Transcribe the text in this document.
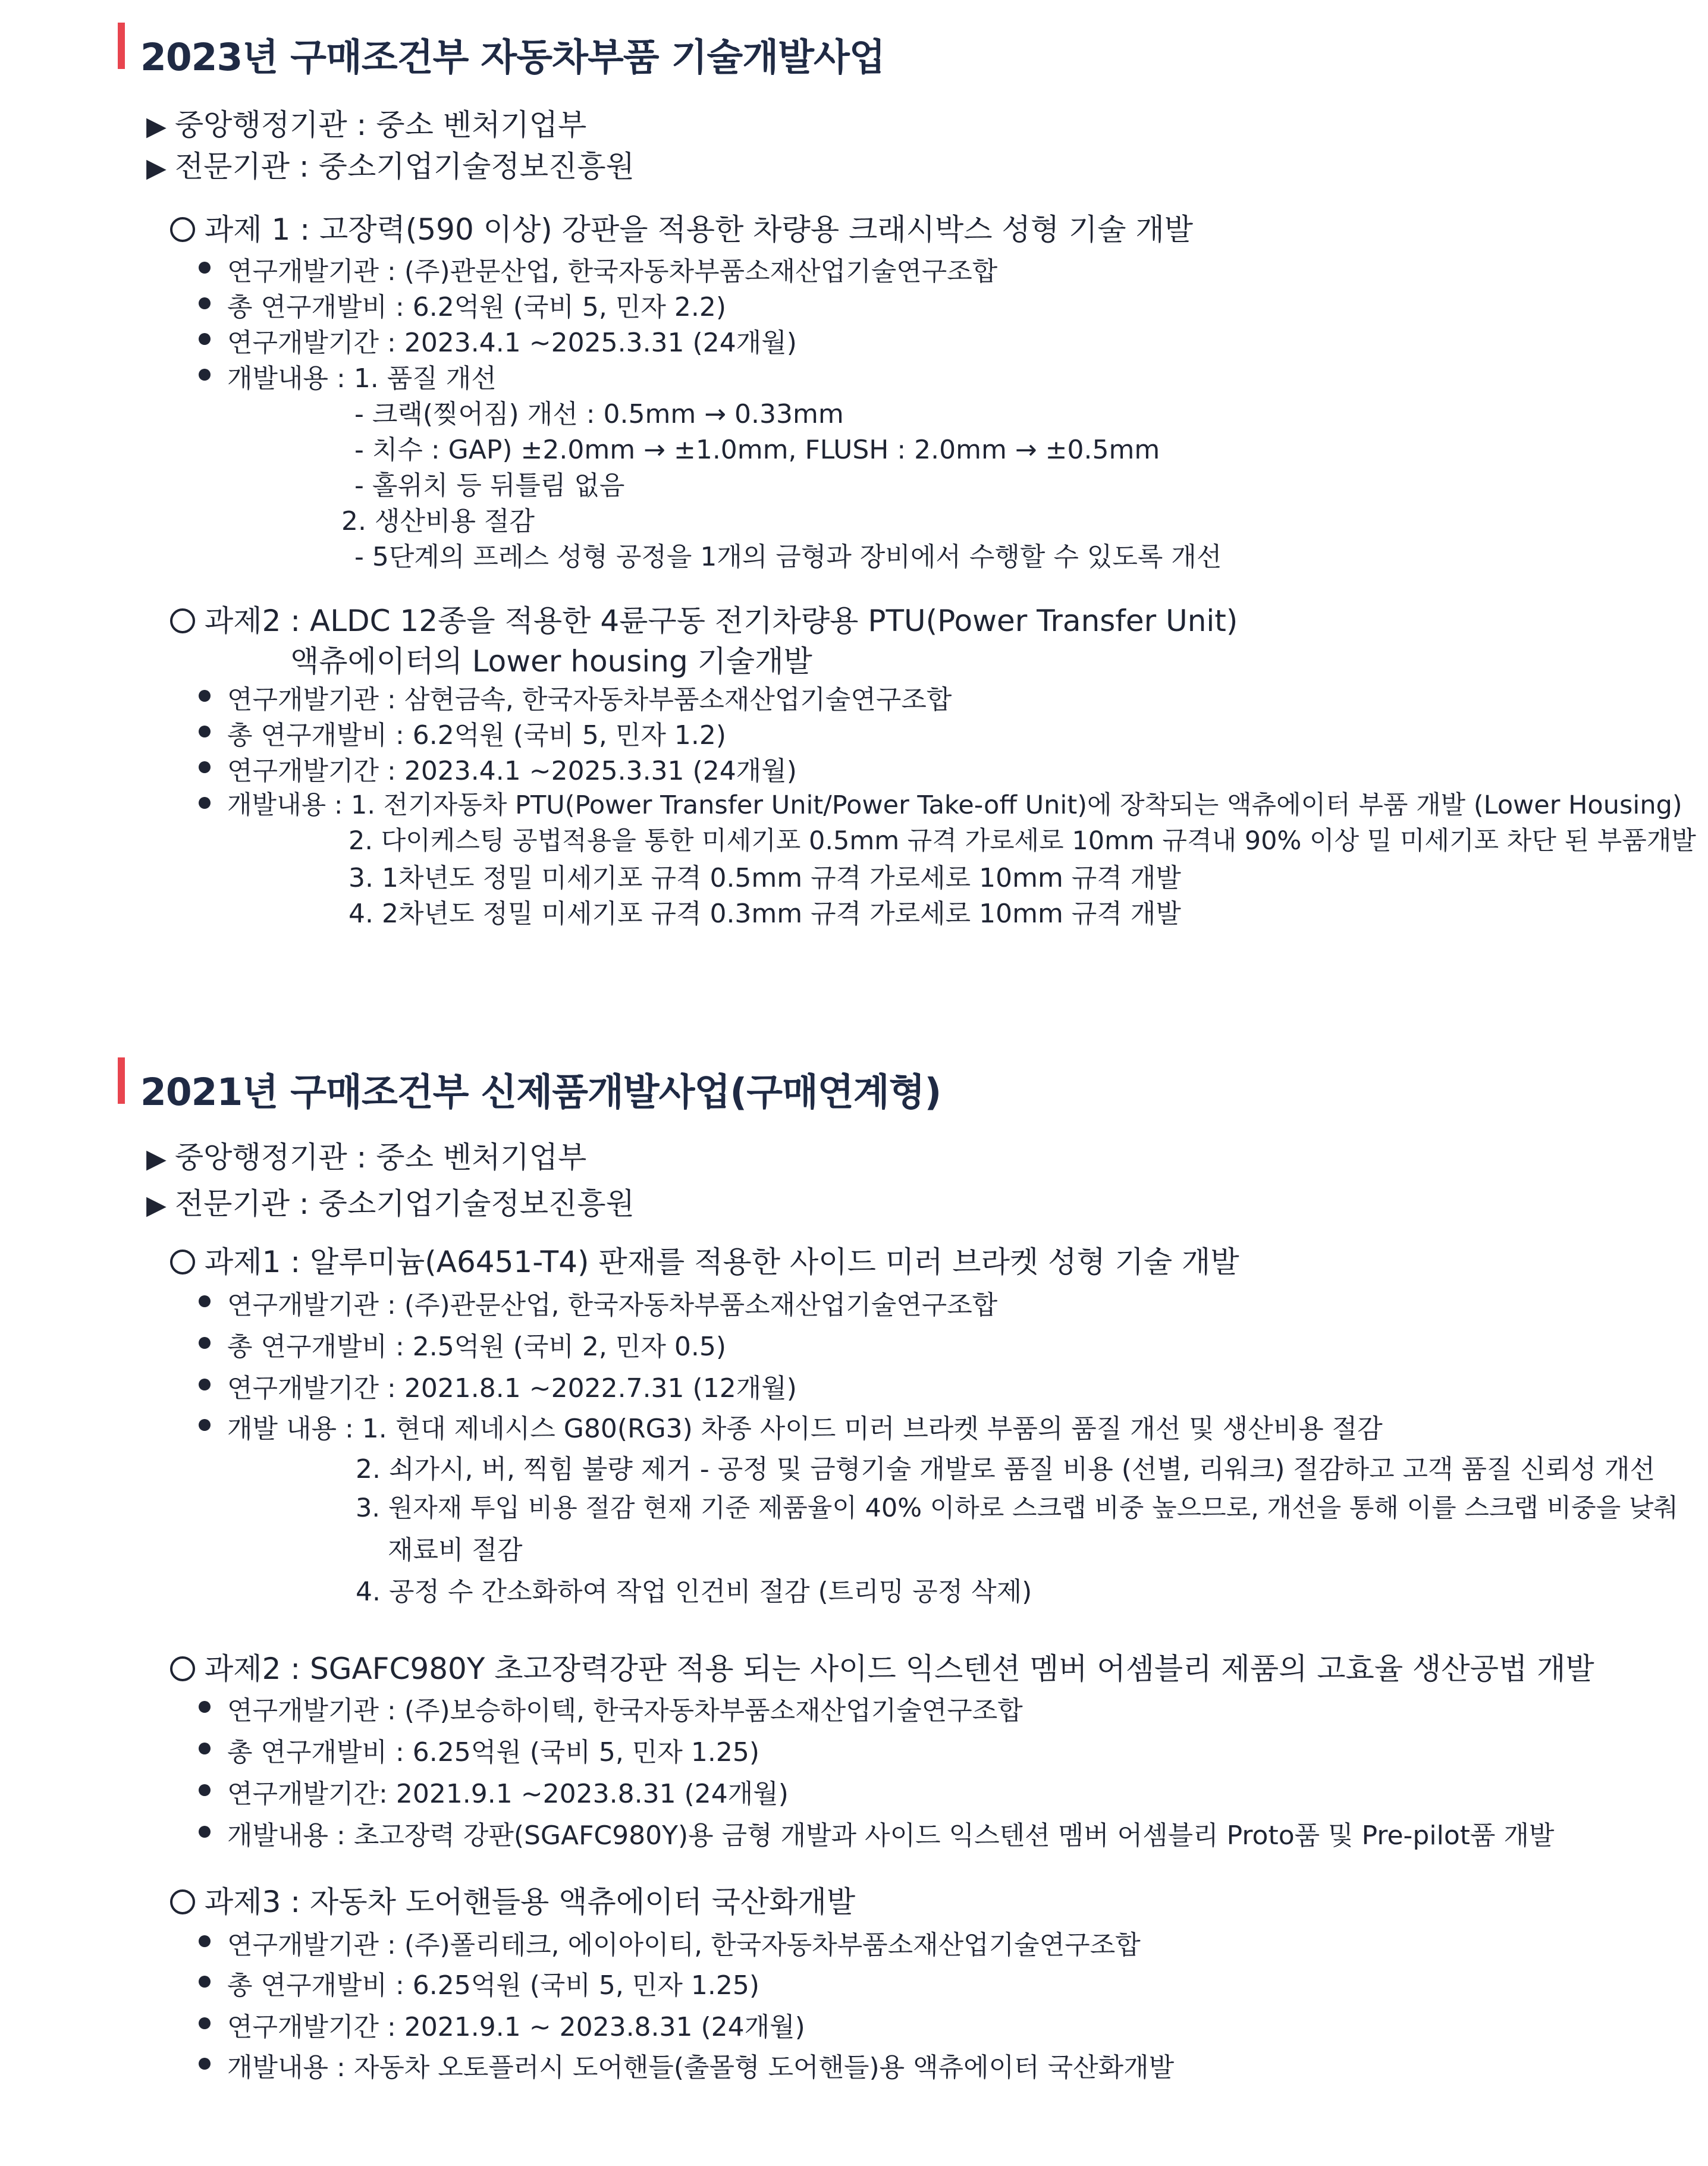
2023년 구매조건부 자동차부품 기술개발사업
▶ 중앙행정기관 : 중소 벤처기업부
▶ 전문기관 : 중소기업기술정보진흥원
과제 1 : 고장력(590 이상) 강판을 적용한 차량용 크래시박스 성형 기술 개발
연구개발기관 : (주)관문산업, 한국자동차부품소재산업기술연구조합
총 연구개발비 : 6.2억원 (국비 5, 민자 2.2)
연구개발기간 : 2023.4.1 ~2025.3.31 (24개월)
개발내용 : 1. 품질 개선
- 크랙(찢어짐) 개선 : 0.5mm → 0.33mm
- 치수 : GAP) ±2.0mm → ±1.0mm, FLUSH : 2.0mm → ±0.5mm
- 홀위치 등 뒤틀림 없음
2. 생산비용 절감
- 5단계의 프레스 성형 공정을 1개의 금형과 장비에서 수행할 수 있도록 개선
과제2 : ALDC 12종을 적용한 4륜구동 전기차량용 PTU(Power Transfer Unit)
액츄에이터의 Lower housing 기술개발
연구개발기관 : 삼현금속, 한국자동차부품소재산업기술연구조합
총 연구개발비 : 6.2억원 (국비 5, 민자 1.2)
연구개발기간 : 2023.4.1 ~2025.3.31 (24개월)
개발내용 : 1. 전기자동차 PTU(Power Transfer Unit/Power Take-off Unit)에 장착되는 액츄에이터 부품 개발 (Lower Housing)
2. 다이케스팅 공법적용을 통한 미세기포 0.5mm 규격 가로세로 10mm 규격내 90% 이상 밀 미세기포 차단 된 부품개발
3. 1차년도 정밀 미세기포 규격 0.5mm 규격 가로세로 10mm 규격 개발
4. 2차년도 정밀 미세기포 규격 0.3mm 규격 가로세로 10mm 규격 개발
2021년 구매조건부 신제품개발사업(구매연계형)
▶ 중앙행정기관 : 중소 벤처기업부
▶ 전문기관 : 중소기업기술정보진흥원
과제1 : 알루미늄(A6451-T4) 판재를 적용한 사이드 미러 브라켓 성형 기술 개발
연구개발기관 : (주)관문산업, 한국자동차부품소재산업기술연구조합
총 연구개발비 : 2.5억원 (국비 2, 민자 0.5)
연구개발기간 : 2021.8.1 ~2022.7.31 (12개월)
개발 내용 : 1. 현대 제네시스 G80(RG3) 차종 사이드 미러 브라켓 부품의 품질 개선 및 생산비용 절감
2. 쇠가시, 버, 찍힘 불량 제거 - 공정 및 금형기술 개발로 품질 비용 (선별, 리워크) 절감하고 고객 품질 신뢰성 개선
3. 원자재 투입 비용 절감 현재 기준 제품율이 40% 이하로 스크랩 비중 높으므로, 개선을 통해 이를 스크랩 비중을 낮춰
재료비 절감
4. 공정 수 간소화하여 작업 인건비 절감 (트리밍 공정 삭제)
과제2 : SGAFC980Y 초고장력강판 적용 되는 사이드 익스텐션 멤버 어셈블리 제품의 고효율 생산공법 개발
연구개발기관 : (주)보승하이텍, 한국자동차부품소재산업기술연구조합
총 연구개발비 : 6.25억원 (국비 5, 민자 1.25)
연구개발기간: 2021.9.1 ~2023.8.31 (24개월)
개발내용 : 초고장력 강판(SGAFC980Y)용 금형 개발과 사이드 익스텐션 멤버 어셈블리 Proto품 및 Pre-pilot품 개발
과제3 : 자동차 도어핸들용 액츄에이터 국산화개발
연구개발기관 : (주)폴리테크, 에이아이티, 한국자동차부품소재산업기술연구조합
총 연구개발비 : 6.25억원 (국비 5, 민자 1.25)
연구개발기간 : 2021.9.1 ~ 2023.8.31 (24개월)
개발내용 : 자동차 오토플러시 도어핸들(출몰형 도어핸들)용 액츄에이터 국산화개발
